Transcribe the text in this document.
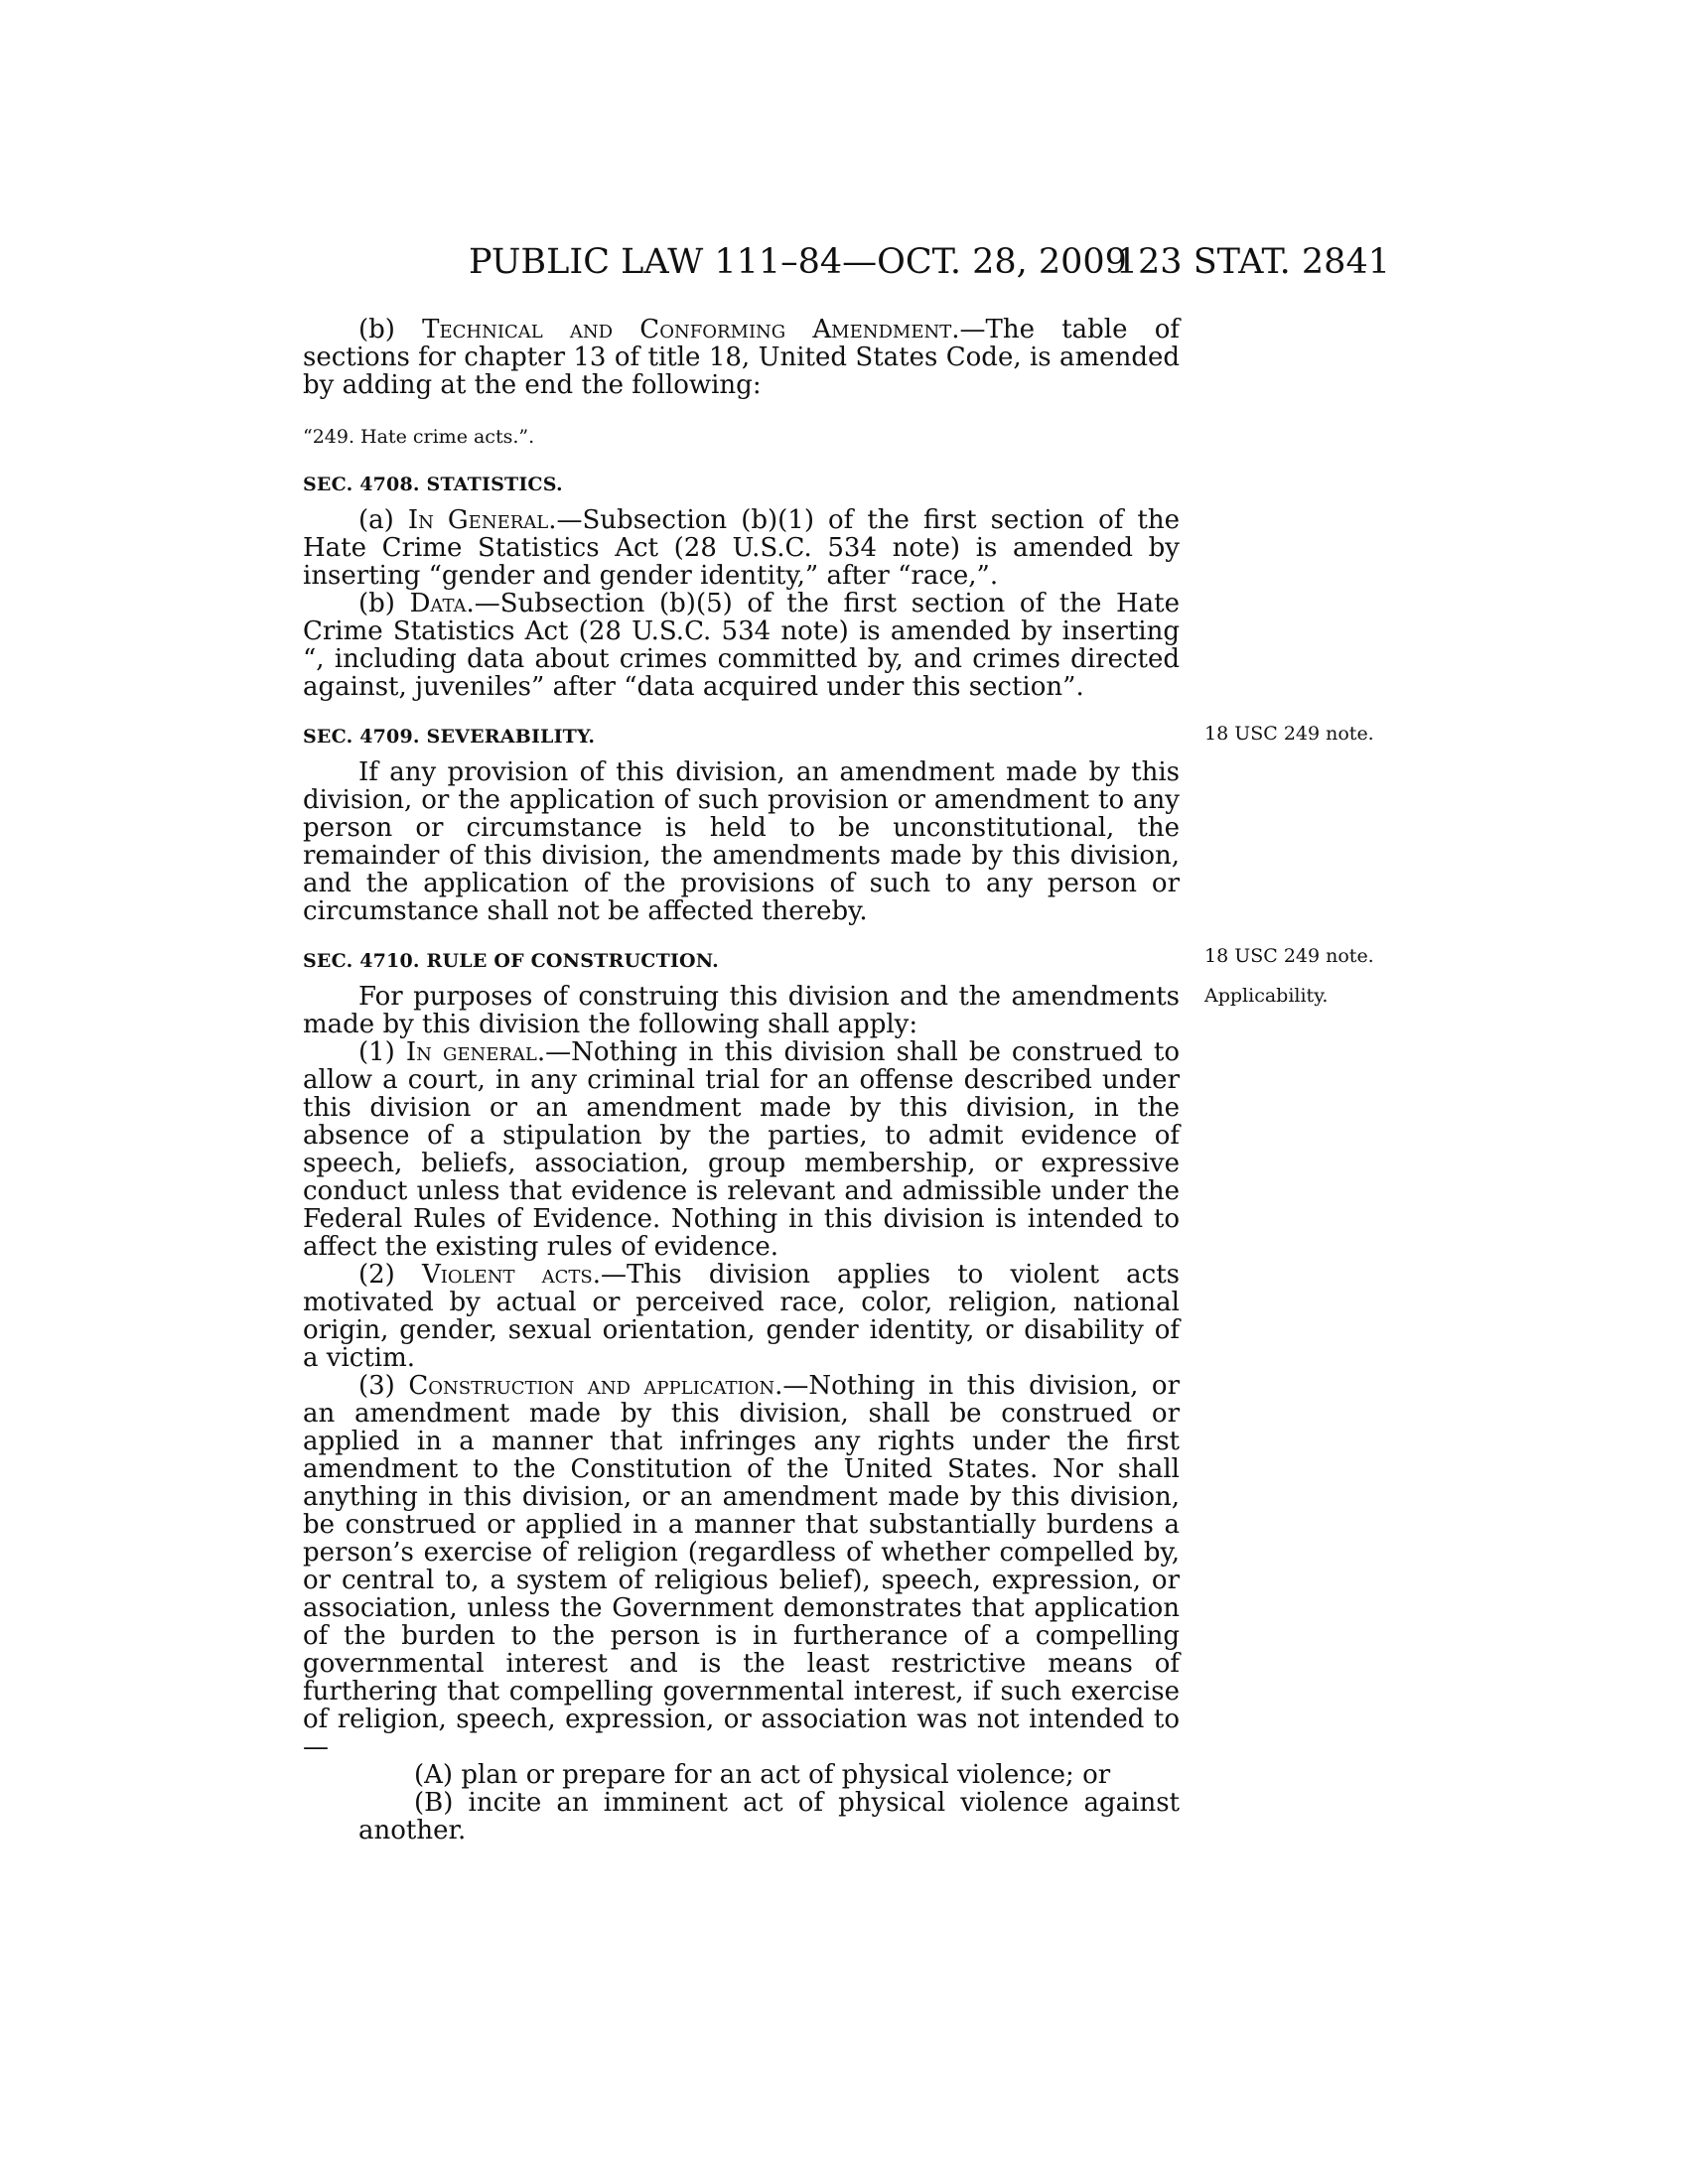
PUBLIC LAW 111–84—OCT. 28, 2009
123 STAT. 2841

(b) Technical and Conforming Amendment.—The table of sections for chapter 13 of title 18, United States Code, is amended by adding at the end the following:

“249. Hate crime acts.”.

SEC. 4708. STATISTICS.

(a) In General.—Subsection (b)(1) of the first section of the Hate Crime Statistics Act (28 U.S.C. 534 note) is amended by inserting “gender and gender identity,” after “race,”.

(b) Data.—Subsection (b)(5) of the first section of the Hate Crime Statistics Act (28 U.S.C. 534 note) is amended by inserting “, including data about crimes committed by, and crimes directed against, juveniles” after “data acquired under this section”.

SEC. 4709. SEVERABILITY.

If any provision of this division, an amendment made by this division, or the application of such provision or amendment to any person or circumstance is held to be unconstitutional, the remainder of this division, the amendments made by this division, and the application of the provisions of such to any person or circumstance shall not be affected thereby.

SEC. 4710. RULE OF CONSTRUCTION.

For purposes of construing this division and the amendments made by this division the following shall apply:

(1) In general.—Nothing in this division shall be construed to allow a court, in any criminal trial for an offense described under this division or an amendment made by this division, in the absence of a stipulation by the parties, to admit evidence of speech, beliefs, association, group membership, or expressive conduct unless that evidence is relevant and admissible under the Federal Rules of Evidence. Nothing in this division is intended to affect the existing rules of evidence.

(2) Violent acts.—This division applies to violent acts motivated by actual or perceived race, color, religion, national origin, gender, sexual orientation, gender identity, or disability of a victim.

(3) Construction and application.—Nothing in this division, or an amendment made by this division, shall be construed or applied in a manner that infringes any rights under the first amendment to the Constitution of the United States. Nor shall anything in this division, or an amendment made by this division, be construed or applied in a manner that substantially burdens a person’s exercise of religion (regardless of whether compelled by, or central to, a system of religious belief), speech, expression, or association, unless the Government demonstrates that application of the burden to the person is in furtherance of a compelling governmental interest and is the least restrictive means of furthering that compelling governmental interest, if such exercise of religion, speech, expression, or association was not intended to—

(A) plan or prepare for an act of physical violence; or

(B) incite an imminent act of physical violence against another.

18 USC 249 note.
18 USC 249 note.
Applicability.
